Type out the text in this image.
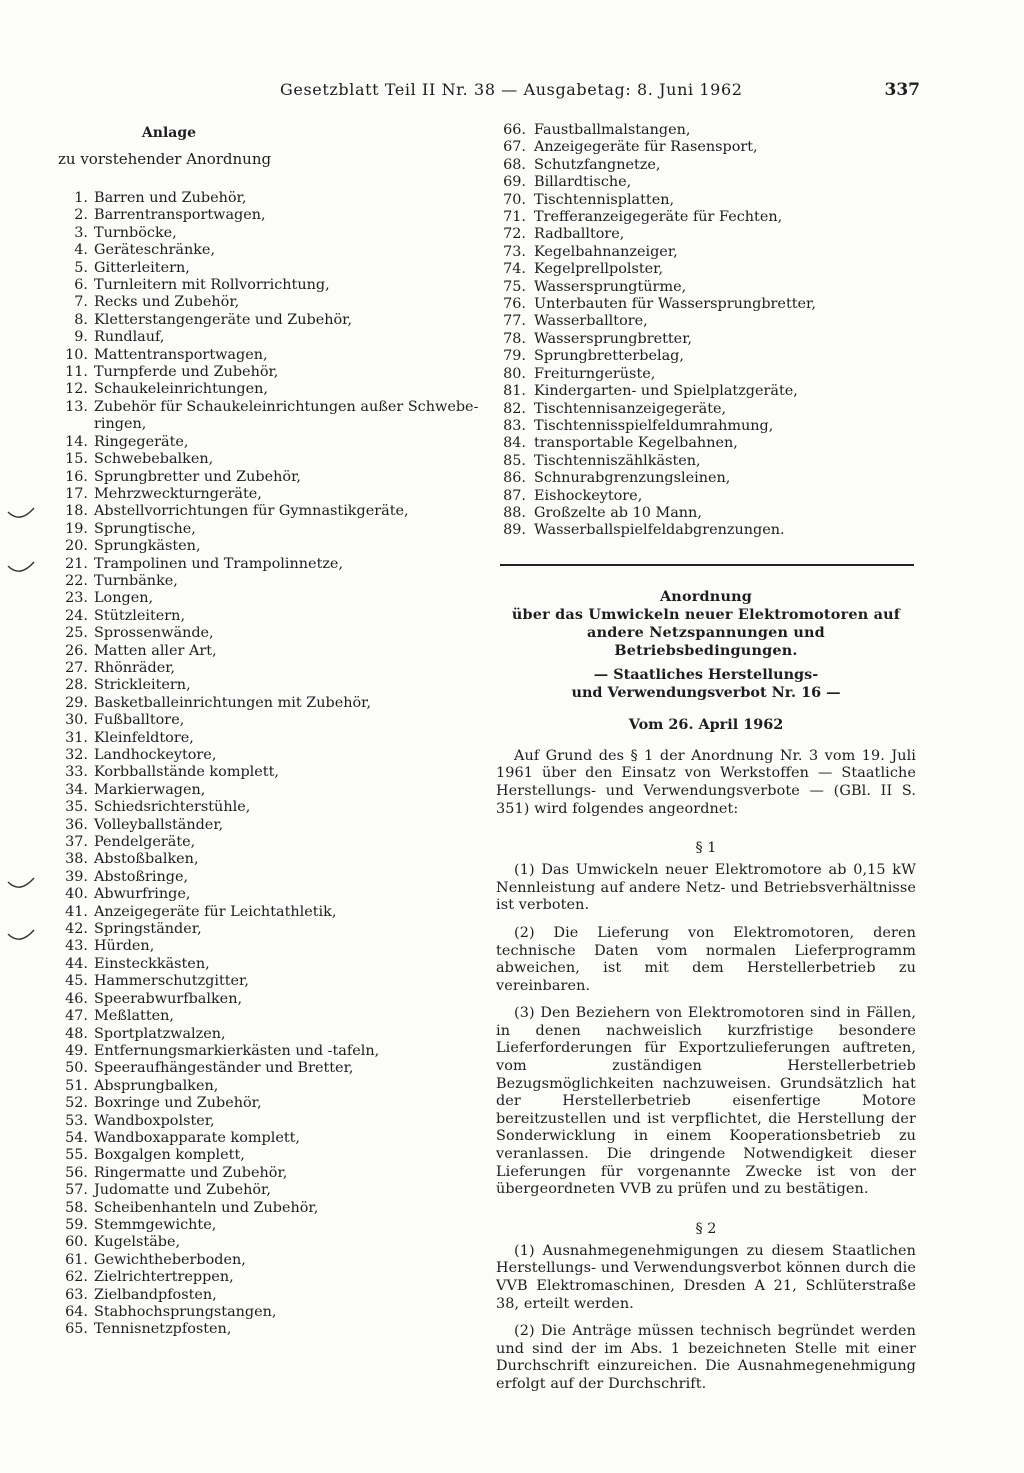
Gesetzblatt Teil II Nr. 38 — Ausgabetag: 8. Juni 1962	337
Anlage
zu vorstehender Anordnung
1. Barren und Zubehör,
2. Barrentransportwagen,
3. Turnböcke,
4. Geräteschränke,
5. Gitterleitern,
6. Turnleitern mit Rollvorrichtung,
7. Recks und Zubehör,
8. Kletterstangengeräte und Zubehör,
9. Rundlauf,
10. Mattentransportwagen,
11. Turnpferde und Zubehör,
12. Schaukeleinrichtungen,
13. Zubehör für Schaukeleinrichtungen außer Schwebe-
ringen,
14. Ringegeräte,
15. Schwebebalken,
16. Sprungbretter und Zubehör,
17. Mehrzweckturngeräte,
18. Abstellvorrichtungen für Gymnastikgeräte,
19. Sprungtische,
20. Sprungkästen,
21. Trampolinen und Trampolinnetze,
22. Turnbänke,
23. Longen,
24. Stützleitern,
25. Sprossenwände,
26. Matten aller Art,
27. Rhönräder,
28. Strickleitern,
29. Basketballeinrichtungen mit Zubehör,
30. Fußballtore,
31. Kleinfeldtore,
32. Landhockeytore,
33. Korbballstände komplett,
34. Markierwagen,
35. Schiedsrichterstühle,
36. Volleyballständer,
37. Pendelgeräte,
38. Abstoßbalken,
39. Abstoßringe,
40. Abwurfringe,
41. Anzeigegeräte für Leichtathletik,
42. Springständer,
43. Hürden,
44. Einsteckkästen,
45. Hammerschutzgitter,
46. Speerabwurfbalken,
47. Meßlatten,
48. Sportplatzwalzen,
49. Entfernungsmarkierkästen und -tafeln,
50. Speeraufhängeständer und Bretter,
51. Absprungbalken,
52. Boxringe und Zubehör,
53. Wandboxpolster,
54. Wandboxapparate komplett,
55. Boxgalgen komplett,
56. Ringermatte und Zubehör,
57. Judomatte und Zubehör,
58. Scheibenhanteln und Zubehör,
59. Stemmgewichte,
60. Kugelstäbe,
61. Gewichtheberboden,
62. Zielrichtertreppen,
63. Zielbandpfosten,
64. Stabhochsprungstangen,
65. Tennisnetzpfosten,
66. Faustballmalstangen,
67. Anzeigegeräte für Rasensport,
68. Schutzfangnetze,
69. Billardtische,
70. Tischtennisplatten,
71. Trefferanzeigegeräte für Fechten,
72. Radballtore,
73. Kegelbahnanzeiger,
74. Kegelprellpolster,
75. Wassersprungtürme,
76. Unterbauten für Wassersprungbretter,
77. Wasserballtore,
78. Wassersprungbretter,
79. Sprungbretterbelag,
80. Freiturngerüste,
81. Kindergarten- und Spielplatzgeräte,
82. Tischtennisanzeigegeräte,
83. Tischtennisspielfeldumrahmung,
84. transportable Kegelbahnen,
85. Tischtenniszählkästen,
86. Schnurabgrenzungsleinen,
87. Eishockeytore,
88. Großzelte ab 10 Mann,
89. Wasserballspielfeldabgrenzungen.
Anordnung
über das Umwickeln neuer Elektromotoren auf
andere Netzspannungen und Betriebsbedingungen.
— Staatliches Herstellungs-
und Verwendungsverbot Nr. 16 —
Vom 26. April 1962

Auf Grund des § 1 der Anordnung Nr. 3 vom 19. Juli 1961 über den Einsatz von Werkstoffen — Staatliche Herstellungs- und Verwendungsverbote — (GBl. II S. 351) wird folgendes angeordnet:

§ 1

(1) Das Umwickeln neuer Elektromotore ab 0,15 kW Nennleistung auf andere Netz- und Betriebsverhältnisse ist verboten.

(2) Die Lieferung von Elektromotoren, deren technische Daten vom normalen Lieferprogramm abweichen, ist mit dem Herstellerbetrieb zu vereinbaren.

(3) Den Beziehern von Elektromotoren sind in Fällen, in denen nachweislich kurzfristige besondere Lieferforderungen für Exportzulieferungen auftreten, vom zuständigen Herstellerbetrieb Bezugsmöglichkeiten nachzuweisen. Grundsätzlich hat der Herstellerbetrieb eisenfertige Motore bereitzustellen und ist verpflichtet, die Herstellung der Sonderwicklung in einem Kooperationsbetrieb zu veranlassen. Die dringende Notwendigkeit dieser Lieferungen für vorgenannte Zwecke ist von der übergeordneten VVB zu prüfen und zu bestätigen.

§ 2

(1) Ausnahmegenehmigungen zu diesem Staatlichen Herstellungs- und Verwendungsverbot können durch die VVB Elektromaschinen, Dresden A 21, Schlüterstraße 38, erteilt werden.

(2) Die Anträge müssen technisch begründet werden und sind der im Abs. 1 bezeichneten Stelle mit einer Durchschrift einzureichen. Die Ausnahmegenehmigung erfolgt auf der Durchschrift.
